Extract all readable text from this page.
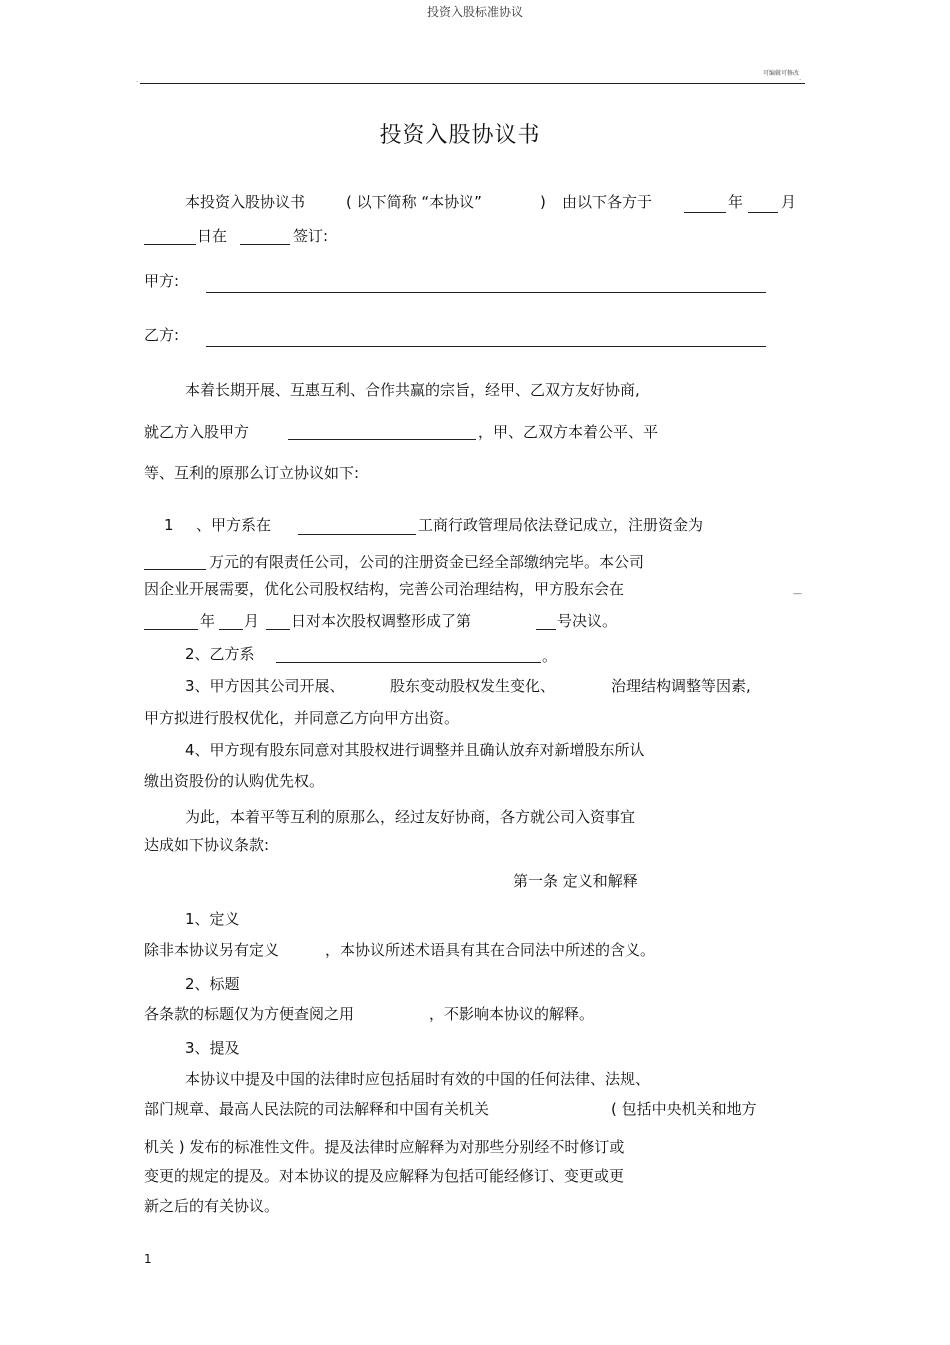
投资入股标准协议
可编辑可修改
·	·
投资入股协议书
本投资入股协议书	( 以下简称 “本协议”	) 由以下各方于	年	月
日在	签订:
甲方:
乙方:
本着长期开展、互惠互利、合作共赢的宗旨，经甲、乙双方友好协商,
就乙方入股甲方	，甲、乙双方本着公平、平
等、互利的原那么订立协议如下:
1 、甲方系在	工商行政管理局依法登记成立，注册资金为
万元的有限责任公司，公司的注册资金已经全部缴纳完毕。本公司
因企业开展需要，优化公司股权结构，完善公司治理结构，甲方股东会在	—
年 月 日对本次股权调整形成了第	号决议。
2、乙方系	。
3、甲方因其公司开展、	股东变动股权发生变化、	治理结构调整等因素,
甲方拟进行股权优化，并同意乙方向甲方出资。
4、甲方现有股东同意对其股权进行调整并且确认放弃对新增股东所认
缴出资股份的认购优先权。
为此，本着平等互利的原那么，经过友好协商，各方就公司入资事宜
达成如下协议条款:
第一条 定义和解释
1、定义
除非本协议另有定义	，本协议所述术语具有其在合同法中所述的含义。
2、标题
各条款的标题仅为方便查阅之用	，不影响本协议的解释。
3、提及
本协议中提及中国的法律时应包括届时有效的中国的任何法律、法规、
部门规章、最高人民法院的司法解释和中国有关机关	( 包括中央机关和地方
机关 ) 发布的标准性文件。提及法律时应解释为对那些分别经不时修订或
变更的规定的提及。对本协议的提及应解释为包括可能经修订、变更或更
新之后的有关协议。
1
